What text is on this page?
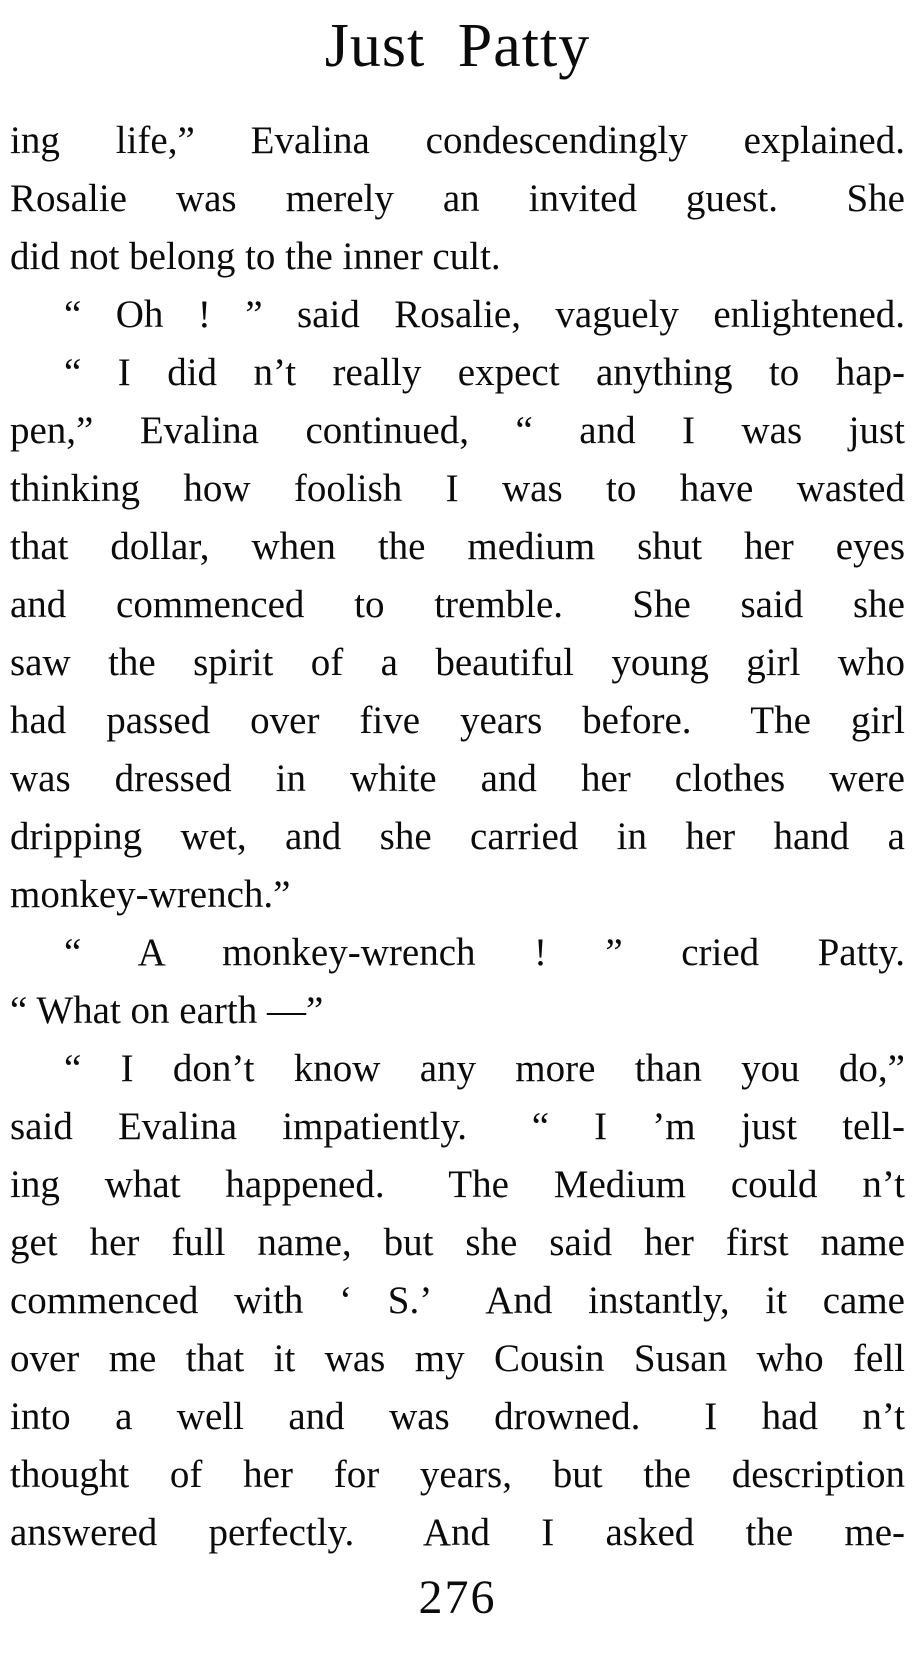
Just Patty
ing life,” Evalina condescendingly explained.
Rosalie was merely an invited guest.  She
did not belong to the inner cult.
“ Oh ! ” said Rosalie, vaguely enlightened.
“ I did n’t really expect anything to hap-
pen,” Evalina continued, “ and I was just
thinking how foolish I was to have wasted
that dollar, when the medium shut her eyes
and commenced to tremble.  She said she
saw the spirit of a beautiful young girl who
had passed over five years before.  The girl
was dressed in white and her clothes were
dripping wet, and she carried in her hand a
monkey-wrench.”
“ A monkey-wrench ! ” cried Patty.
“ What on earth —”
“ I don’t know any more than you do,”
said Evalina impatiently.  “ I ’m just tell-
ing what happened.  The Medium could n’t
get her full name, but she said her first name
commenced with ‘ S.’  And instantly, it came
over me that it was my Cousin Susan who fell
into a well and was drowned.  I had n’t
thought of her for years, but the description
answered perfectly.  And I asked the me-
276
